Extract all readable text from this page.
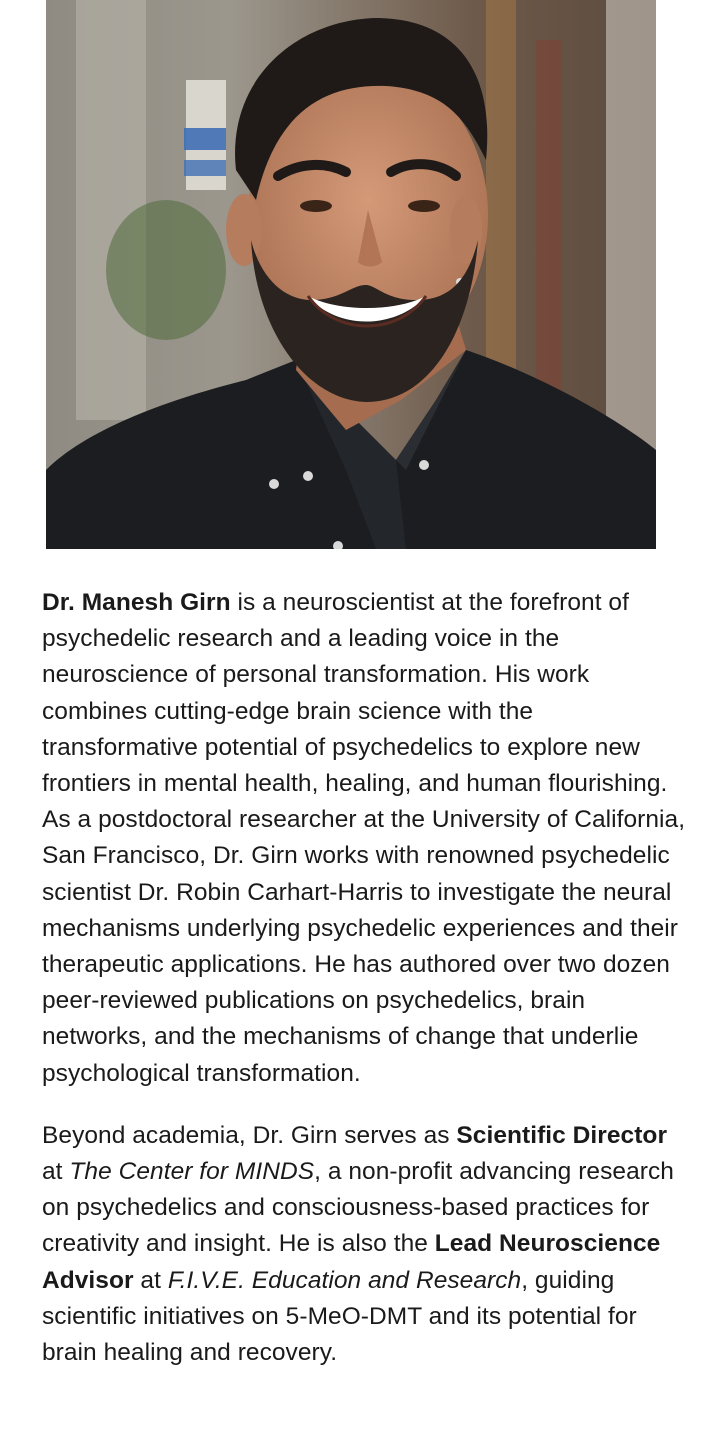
Dr. Manesh Girn is a neuroscientist at the forefront of psychedelic research and a leading voice in the neuroscience of personal transformation. His work combines cutting-edge brain science with the transformative potential of psychedelics to explore new frontiers in mental health, healing, and human flourishing. As a postdoctoral researcher at the University of California, San Francisco, Dr. Girn works with renowned psychedelic scientist Dr. Robin Carhart-Harris to investigate the neural mechanisms underlying psychedelic experiences and their therapeutic applications. He has authored over two dozen peer-reviewed publications on psychedelics, brain networks, and the mechanisms of change that underlie psychological transformation.

Beyond academia, Dr. Girn serves as Scientific Director at The Center for MINDS, a non-profit advancing research on psychedelics and consciousness-based practices for creativity and insight. He is also the Lead Neuroscience Advisor at F.I.V.E. Education and Research, guiding scientific initiatives on 5-MeO-DMT and its potential for brain healing and recovery.
